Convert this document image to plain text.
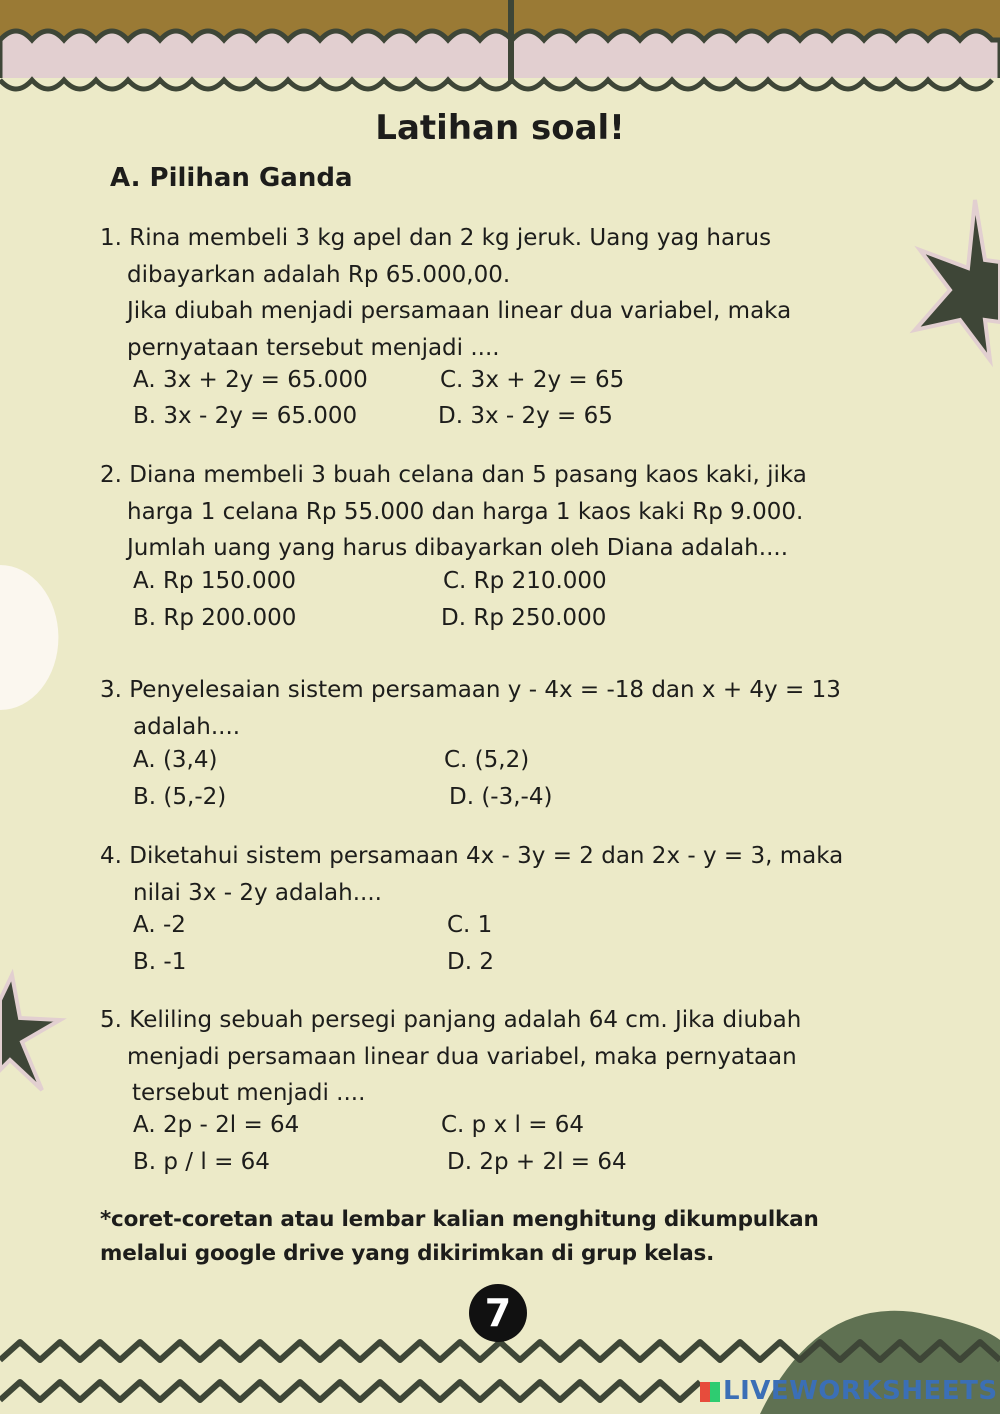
Latihan soal!
A. Pilihan Ganda
1. Rina membeli 3 kg apel dan 2 kg jeruk. Uang yag harus
dibayarkan adalah Rp 65.000,00.
Jika diubah menjadi persamaan linear dua variabel, maka
pernyataan tersebut menjadi ....
A. 3x + 2y = 65.000
B. 3x - 2y = 65.000
C. 3x + 2y = 65
D. 3x - 2y = 65
2. Diana membeli 3 buah celana dan 5 pasang kaos kaki, jika
harga 1 celana Rp 55.000 dan harga 1 kaos kaki Rp 9.000.
Jumlah uang yang harus dibayarkan oleh Diana adalah....
A. Rp 150.000
B. Rp 200.000
C. Rp 210.000
D. Rp 250.000
3. Penyelesaian sistem persamaan y - 4x = -18 dan x + 4y = 13
adalah....
A. (3,4)
B. (5,-2)
C. (5,2)
D. (-3,-4)
4. Diketahui sistem persamaan 4x - 3y = 2 dan 2x - y = 3, maka
nilai 3x - 2y adalah....
A. -2
B. -1
C. 1
D. 2
5. Keliling sebuah persegi panjang adalah 64 cm. Jika diubah
menjadi persamaan linear dua variabel, maka pernyataan
tersebut menjadi ....
A. 2p - 2l = 64
B. p / l = 64
C. p x l = 64
D. 2p + 2l = 64
*coret-coretan atau lembar kalian menghitung dikumpulkan melalui google drive yang dikirimkan di grup kelas.
7
LIVEWORKSHEETS
